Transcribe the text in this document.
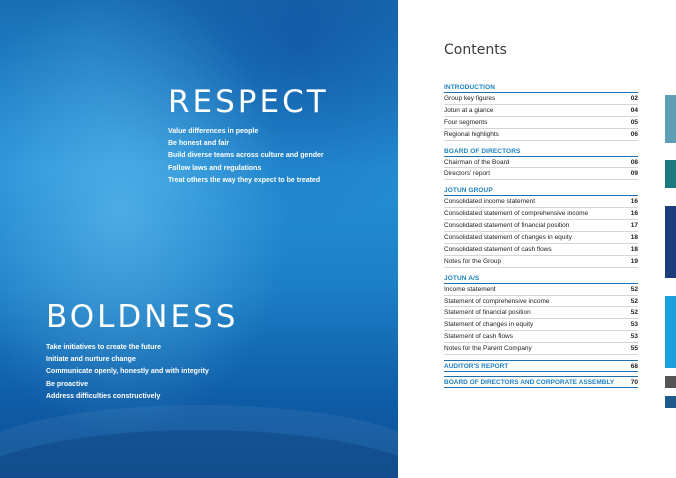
RESPECT
Value differences in people
Be honest and fair
Build diverse teams across culture and gender
Follow laws and regulations
Treat others the way they expect to be treated
BOLDNESS
Take initiatives to create the future
Initiate and nurture change
Communicate openly, honestly and with integrity
Be proactive
Address difficulties constructively
Contents
INTRODUCTION
Group key figures	02
Jotun at a glance	04
Four segments	05
Regional highlights	06
BOARD OF DIRECTORS
Chairman of the Board	08
Directors' report	09
JOTUN GROUP
Consolidated income statement	16
Consolidated statement of comprehensive income	16
Consolidated statement of financial position	17
Consolidated statement of changes in equity	18
Consolidated statement of cash flows	18
Notes for the Group	19
JOTUN A/S
Income statement	52
Statement of comprehensive income	52
Statement of financial position	52
Statement of changes in equity	53
Statement of cash flows	53
Notes for the Parent Company	55
AUDITOR'S REPORT	68
BOARD OF DIRECTORS AND CORPORATE ASSEMBLY	70
